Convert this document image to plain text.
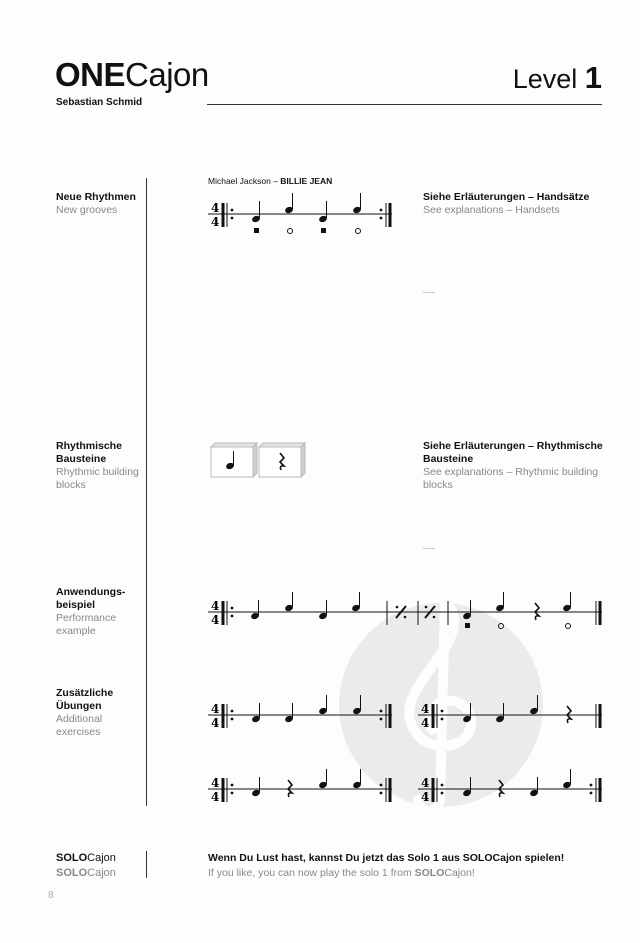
ONECajon
Sebastian Schmid
Level 1
Neue Rhythmen
New grooves
Rhythmische Bausteine
Rhythmic building blocks
Anwendungs-beispiel
Performance example
Zusätzliche Übungen
Additional exercises
SOLOCajon
SOLOCajon
Michael Jackson – BILLIE JEAN
Siehe Erläuterungen – Handsätze
See explanations – Handsets
Siehe Erläuterungen – Rhythmische Bausteine
See explanations – Rhythmic building blocks
Wenn Du Lust hast, kannst Du jetzt das Solo 1 aus SOLOCajon spielen!
If you like, you can now play the solo 1 from SOLOCajon!
8
4
4
4
4
4
4
4
4
4
4
4
4
